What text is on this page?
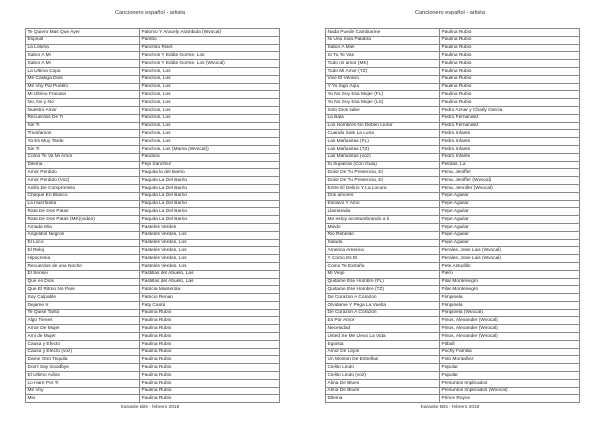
Cancionero español - artista
Te Quiero Mas Que Ayer	Palomo Y Aracely Arambula (Wvocal)
Espinal	Pambo
La Loteria	Panchito Riset
Sabor A Mi	Panchos Y Eddie Gorme, Los
Sabor A Mi	Panchos Y Eddie Gorme, Los (Wvocal)
La Ultima Copa	Panchos, Los
Me Castiga Dios	Panchos, Los
Me Voy Pal Pueblo	Panchos, Los
Mi Ultimo Fracaso	Panchos, Los
No, No y No	Panchos, Los
Nuestro Amor	Panchos, Los
Recuerdos De Ti	Panchos, Los
Sin Ti	Panchos, Los
Triunfamos	Panchos, Los
Ya Es Muy Tarde	Panchos, Los
Sin Ti	Panchos, Los (Mama (Wvocal))
Como Te Va Mi Amor	Pandora
Dilema	Pepi Sanchez
Amor Perdido	Paquita la del Barrio
Amor Perdido (Voz)	Paquita La Del Barrio
Anillo De Compromiso	Paquita La Del Barrio
Cheque En Blanco	Paquita La Del Barrio
La Huerfanita	Paquita La Del Barrio
Rata De Dos Patas	Paquita La Del Barrio
Rata De Dos Patas (MK)(video)	Paquita La Del Barrio
Amada Mia	Pasteles Verdes
Angelitos Negros	Pasteles Verdes, Los
El Loco	Pasteles Verdes, Los
El Reloj	Pasteles Verdes, Los
Hipocresia	Pasteles Verdes, Los
Recuerdos de una Noche	Pasteles Verdes, Los
El Sensei	Pastillas del Abuelo, Las
Que es Dios	Pastillas del Abuelo, Las
Que El Ritmo No Pare	Patricia Manterola
Soy Culpable	Patricio Renan
Dejame Ir	Paty Cantú
Te Quise Tanto	Paulina Rubio
Algo Tienes	Paulina Rubio
Amor De Mujer	Paulina Rubio
Ami de Mujer	Paulina Rubio
Causa y Efecto	Paulina Rubio
Causa y Efecto (voz)	Paulina Rubio
Dame Otro Tequila	Paulina Rubio
Don't Say Goodbye	Paulina Rubio
El Ultimo Adios	Paulina Rubio
Lo Hare Por Ti	Paulina Rubio
Me Voy	Paulina Rubio
Mio	Paulina Rubio
Karaoke Bits - febrero 2018
Cancionero español - artista
Nada Puede Cambiarme	Paulina Rubio
Ni Una Sola Palabra	Paulina Rubio
Sabor A Miel	Paulina Rubio
Si Tu Te Vas	Paulina Rubio
Todo mi amor (MK)	Paulina Rubio
Todo Mi Amor (TZ)	Paulina Rubio
Vive El Verano	Paulina Rubio
Y Yo Sigo Aqui	Paulina Rubio
Yo No Soy Esa Mujer (FL)	Paulina Rubio
Yo No Soy Esa Mujer (LS)	Paulina Rubio
Solo Dios sabe	Pedro Aznar y Charly Garcia
La Bala	Pedro Fernandez
Los Hombres No Deben Llorar	Pedro Fernandez
Cuando Sale La Luna	Pedro Infante
Las Mañanitas (FL)	Pedro Infante
Las Mañanitas (TZ)	Pedro Infante
Las Mañanitas (voz)	Pedro Infante
Si Supieras (Con Guia)	Pelotas, La
Dolor De Tu Presencia, El	Pena, Jeniffer
Dolor De Tu Presencia, El	Pena, Jeniffer (Wvocal)
Entre El Delirio Y La Locura	Pena, Jennifer (Wvocal)
Dos amores	Pepe Aguilar
Esclavo Y Amo	Pepe Aguilar
Llamarada	Pepe Aguilar
Me estoy acostumbrando a ti	Pepe Aguilar
Miedo	Pepe Aguilar
Rio Rebelde	Pepe Aguilar
Salado	Pepe Aguilar
America America	Perales, Jose Luis (Wvocal)
Y Como Es El	Perales, Jose Luis (Wvocal)
Como Te Extraño	Pete Astudillo
Mi Viejo	Piero
Quitame Ese Hombre (FL)	Pilar Montenegro
Quitame Ese Hombre (TZ)	Pilar Montenegro
De Corazon A Corazon	Pimpinela
Olvidame Y Pega La Vuelta	Pimpinela
De Corazon A Corazon	Pimpinela (Wvocal)
Es Por Amor	Pinos, Alexander (Wvocal)
Necesidad	Pinos, Alexander (Wvocal)
Usted Se Me Llevo La Vida	Pinos, Alexander (Wvocal)
Egoista	Pitbull
Amor De Lejos	Pochy Familia
Un Monton De Estrellas	Polo Montañez
Cielito Lindo	Popular
Cielito Lindo (voz)	Popular
Alma De Blues	Presuntos Implicados
Alma De Blues	Presuntos Implicados (Wvocal)
Dilema	Prince Royce
Karaoke Bits - febrero 2018
